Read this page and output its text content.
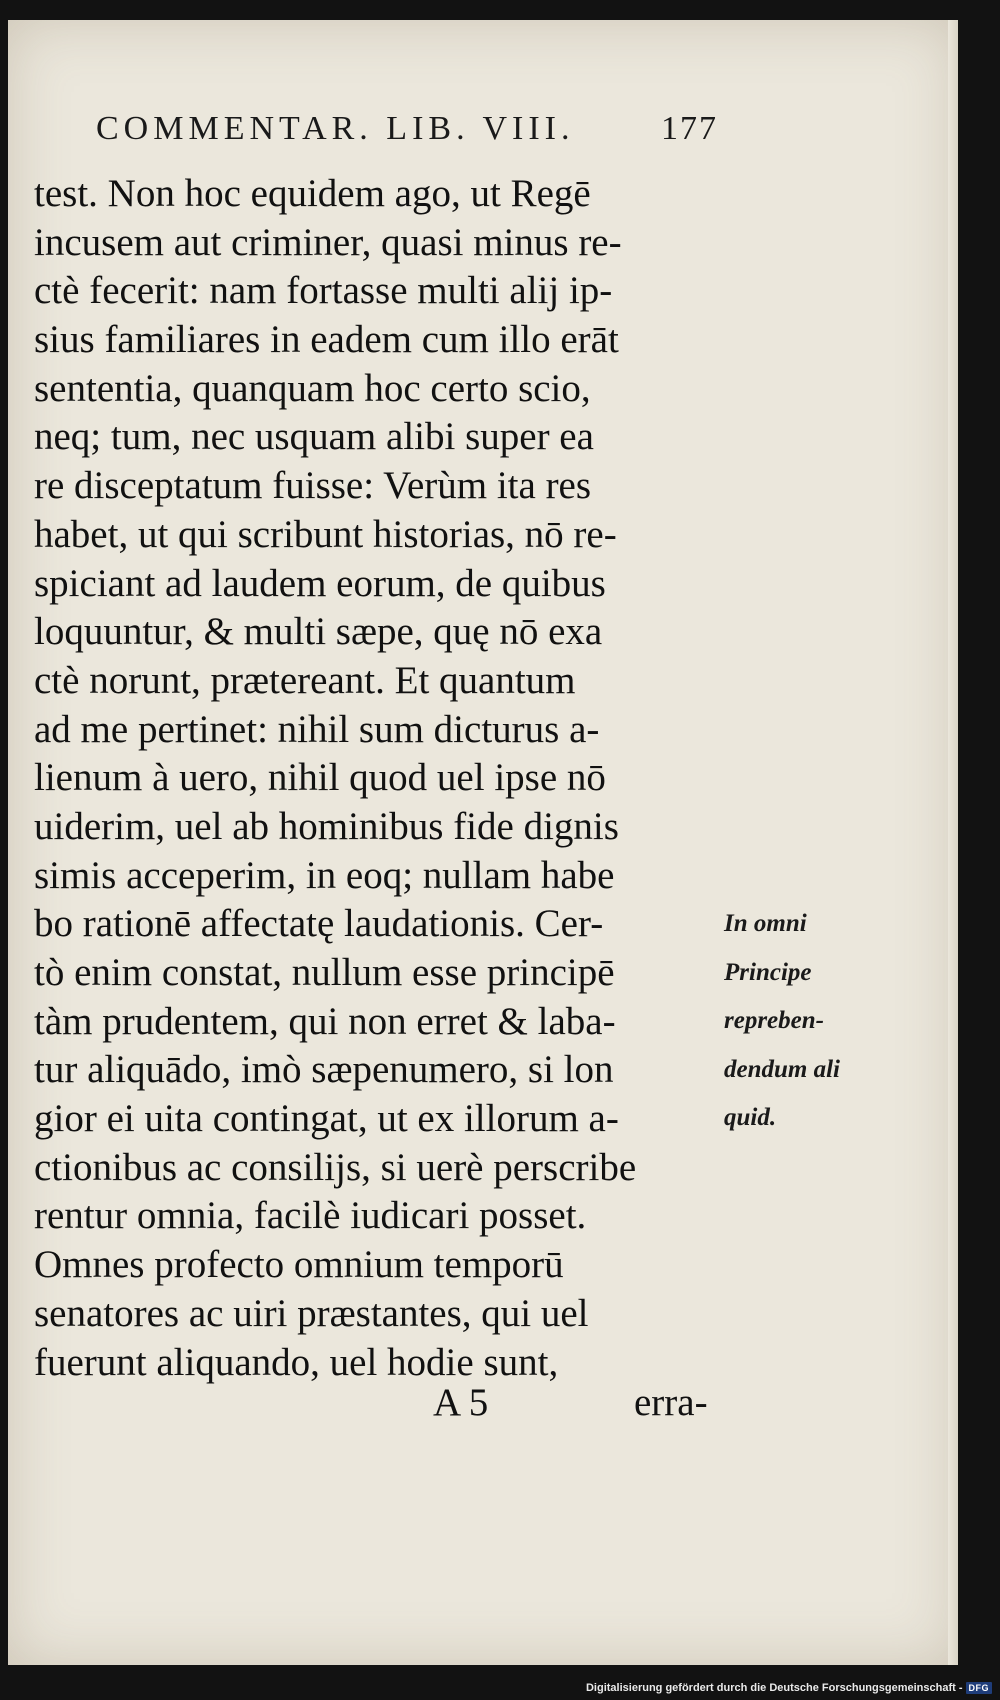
COMMENTAR. LIB. VIII.	177
test. Non hoc equidem ago, ut Regē
incusem aut criminer, quasi minus re-
ctè fecerit: nam fortasse multi alij ip-
sius familiares in eadem cum illo erāt
sententia, quanquam hoc certo scio,
neq; tum, nec usquam alibi super ea
re disceptatum fuisse: Verùm ita res
habet, ut qui scribunt historias, nō re-
spiciant ad laudem eorum, de quibus
loquuntur, & multi sæpe, quę nō exa
ctè norunt, prætereant. Et quantum
ad me pertinet: nihil sum dicturus a-
lienum à uero, nihil quod uel ipse nō
uiderim, uel ab hominibus fide dignis
simis acceperim, in eoq; nullam habe
bo rationē affectatę laudationis. Cer-
tò enim constat, nullum esse principē
tàm prudentem, qui non erret & laba-
tur aliquādo, imò sæpenumero, si lon
gior ei uita contingat, ut ex illorum a-
ctionibus ac consilijs, si uerè perscribe
rentur omnia, facilè iudicari posset.
Omnes profecto omnium temporū
senatores ac uiri præstantes, qui uel
fuerunt aliquando, uel hodie sunt,
In omni
Principe
repreben-
dendum ali
quid.
A 5	erra-
Digitalisierung gefördert durch die Deutsche Forschungsgemeinschaft - DFG
